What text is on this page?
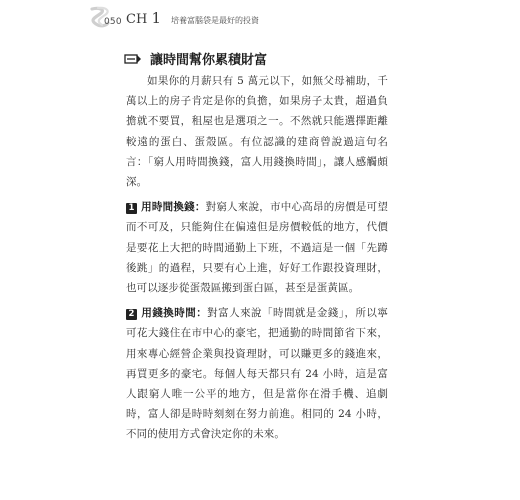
050 CH 1 培養富腦袋是最好的投資
讓時間幫你累積財富

如果你的月薪只有 5 萬元以下，如無父母補助，千萬以上的房子肯定是你的負擔，如果房子太貴，超過負擔就不要買，租屋也是選項之一。不然就只能選擇距離較遠的蛋白、蛋殼區。有位認識的建商曾說過這句名言：「窮人用時間換錢，富人用錢換時間」，讓人感觸頗深。

1 用時間換錢：對窮人來說，市中心高昂的房價是可望而不可及，只能夠住在偏遠但是房價較低的地方，代價是要花上大把的時間通勤上下班，不過這是一個「先蹲後跳」的過程，只要有心上進，好好工作跟投資理財，也可以逐步從蛋殼區搬到蛋白區，甚至是蛋黃區。

2 用錢換時間：對富人來說「時間就是金錢」，所以寧可花大錢住在市中心的豪宅，把通勤的時間節省下來，用來專心經營企業與投資理財，可以賺更多的錢進來，再買更多的豪宅。每個人每天都只有 24 小時，這是富人跟窮人唯一公平的地方，但是當你在滑手機、追劇時，富人卻是時時刻刻在努力前進。相同的 24 小時，不同的使用方式會決定你的未來。
